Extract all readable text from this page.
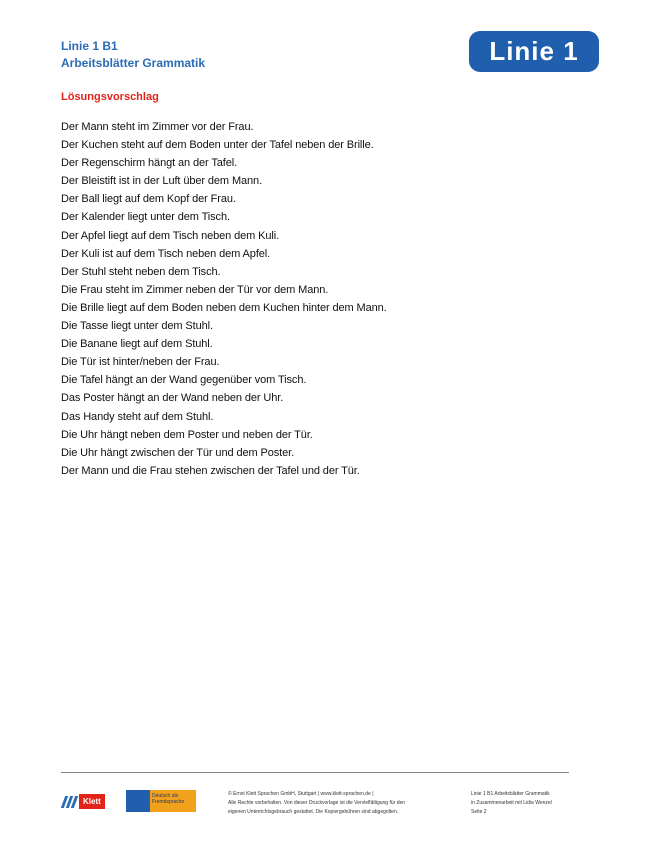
Linie 1 B1
Arbeitsblätter Grammatik	Linie 1
Lösungsvorschlag
Der Mann steht im Zimmer vor der Frau.
Der Kuchen steht auf dem Boden unter der Tafel neben der Brille.
Der Regenschirm hängt an der Tafel.
Der Bleistift ist in der Luft über dem Mann.
Der Ball liegt auf dem Kopf der Frau.
Der Kalender liegt unter dem Tisch.
Der Apfel liegt auf dem Tisch neben dem Kuli.
Der Kuli ist auf dem Tisch neben dem Apfel.
Der Stuhl steht neben dem Tisch.
Die Frau steht im Zimmer neben der Tür vor dem Mann.
Die Brille liegt auf dem Boden neben dem Kuchen hinter dem Mann.
Die Tasse liegt unter dem Stuhl.
Die Banane liegt auf dem Stuhl.
Die Tür ist hinter/neben der Frau.
Die Tafel hängt an der Wand gegenüber vom Tisch.
Das Poster hängt an der Wand neben der Uhr.
Das Handy steht auf dem Stuhl.
Die Uhr hängt neben dem Poster und neben der Tür.
Die Uhr hängt zwischen der Tür und dem Poster.
Der Mann und die Frau stehen zwischen der Tafel und der Tür.
Klett
Deutsch als
Fremdsprache
© Ernst Klett Sprachen GmbH, Stuttgart | www.klett-sprachen.de |
Alle Rechte vorbehalten. Von dieser Druckvorlage ist die Vervielfältigung für den
eigenen Unterrichtsgebrauch gestattet. Die Kopiergebühren sind abgegolten.
Linie 1 B1 Arbeitsblätter Grammatik
in Zusammenarbeit mit Lidia Wenzel
Seite 2
